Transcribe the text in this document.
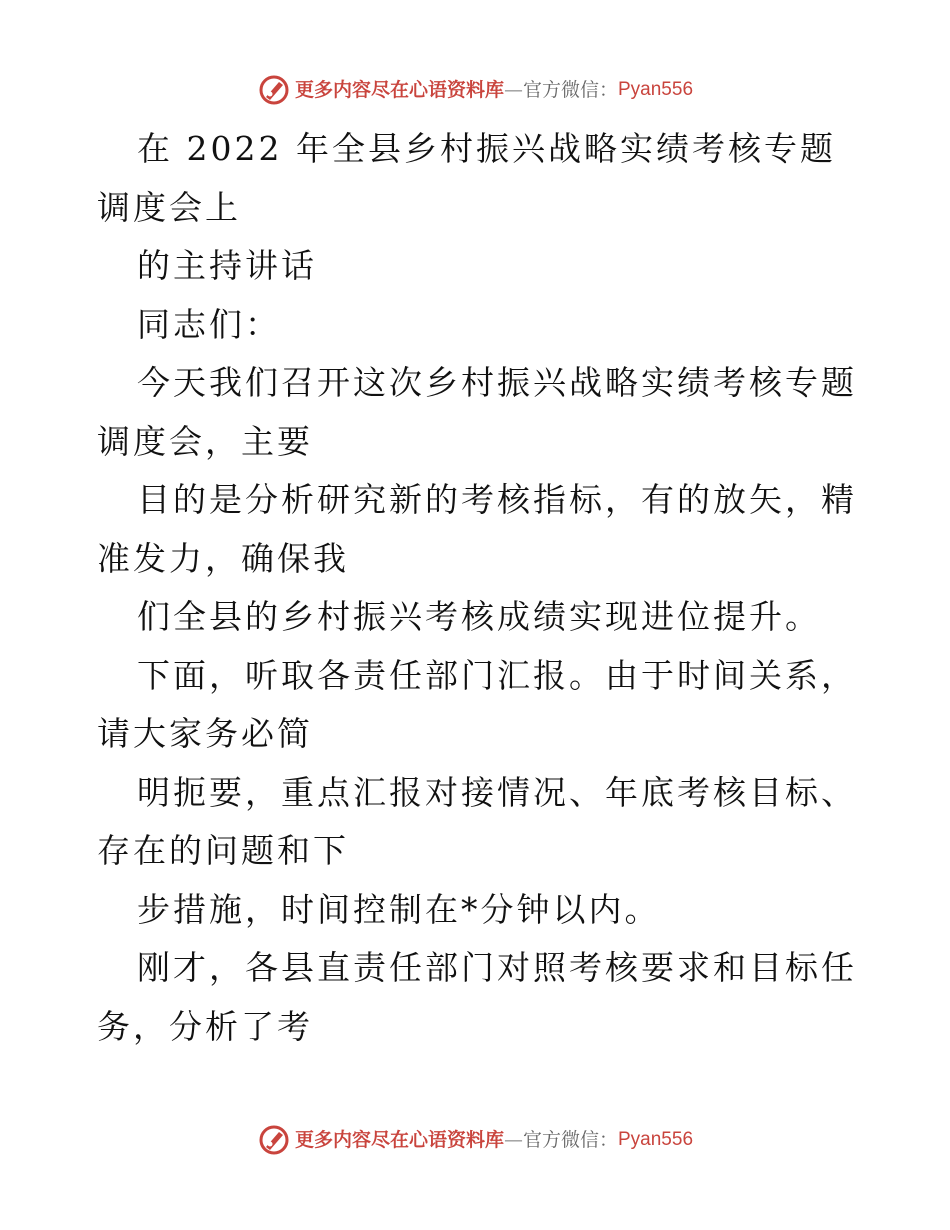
更多内容尽在心语资料库 — 官方微信： Pyan556

在 2022 年全县乡村振兴战略实绩考核专题调度会上

的主持讲话

同志们：

今天我们召开这次乡村振兴战略实绩考核专题调度会，主要

目的是分析研究新的考核指标，有的放矢，精准发力，确保我

们全县的乡村振兴考核成绩实现进位提升。

下面，听取各责任部门汇报。由于时间关系，请大家务必简

明扼要，重点汇报对接情况、年底考核目标、存在的问题和下

步措施，时间控制在*分钟以内。

刚才，各县直责任部门对照考核要求和目标任务，分析了考

更多内容尽在心语资料库 — 官方微信： Pyan556
